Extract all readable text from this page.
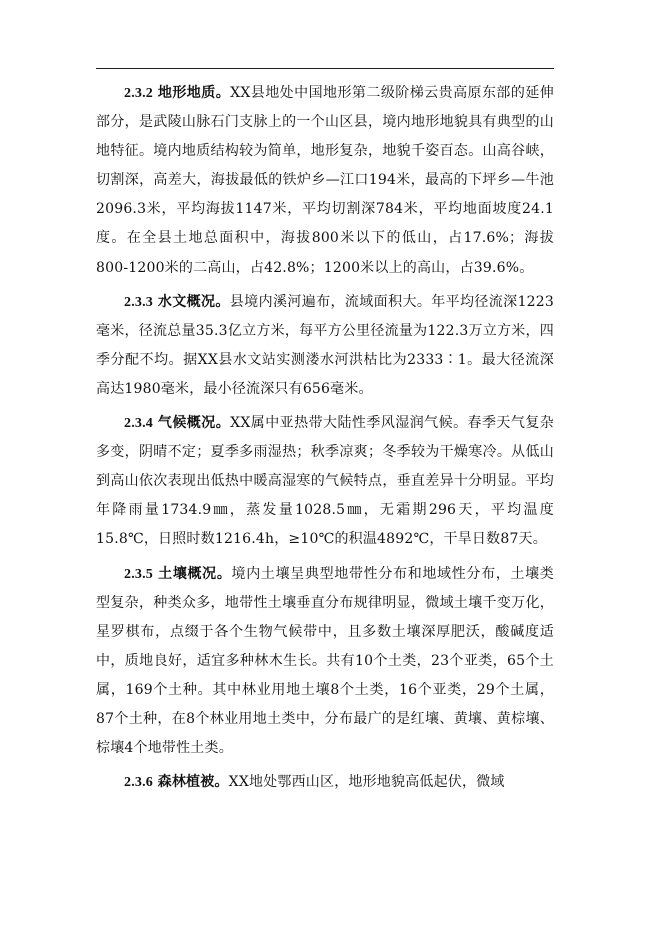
2.3.2 地形地质。XX县地处中国地形第二级阶梯云贵高原东部的延伸部分，是武陵山脉石门支脉上的一个山区县，境内地形地貌具有典型的山地特征。境内地质结构较为简单，地形复杂，地貌千姿百态。山高谷峡，切割深，高差大，海拔最低的铁炉乡—江口194米，最高的下坪乡—牛池2096.3米，平均海拔1147米，平均切割深784米，平均地面坡度24.1度。在全县土地总面积中，海拔800米以下的低山，占17.6%；海拔800-1200米的二高山，占42.8%；1200米以上的高山，占39.6%。

2.3.3 水文概况。县境内溪河遍布，流域面积大。年平均径流深1223毫米，径流总量35.3亿立方米，每平方公里径流量为122.3万立方米，四季分配不均。据XX县水文站实测溇水河洪枯比为2333∶1。最大径流深高达1980毫米，最小径流深只有656毫米。

2.3.4 气候概况。XX属中亚热带大陆性季风湿润气候。春季天气复杂多变，阴晴不定；夏季多雨湿热；秋季凉爽；冬季较为干燥寒冷。从低山到高山依次表现出低热中暖高湿寒的气候特点，垂直差异十分明显。平均年降雨量1734.9㎜，蒸发量1028.5㎜，无霜期296天，平均温度15.8℃，日照时数1216.4h，≥10℃的积温4892℃，干旱日数87天。

2.3.5 土壤概况。境内土壤呈典型地带性分布和地域性分布，土壤类型复杂，种类众多，地带性土壤垂直分布规律明显，微域土壤千变万化，星罗棋布，点缀于各个生物气候带中，且多数土壤深厚肥沃，酸碱度适中，质地良好，适宜多种林木生长。共有10个土类，23个亚类，65个土属，169个土种。其中林业用地土壤8个土类，16个亚类，29个土属，87个土种，在8个林业用地土类中，分布最广的是红壤、黄壤、黄棕壤、棕壤4个地带性土类。

2.3.6 森林植被。XX地处鄂西山区，地形地貌高低起伏，微域
